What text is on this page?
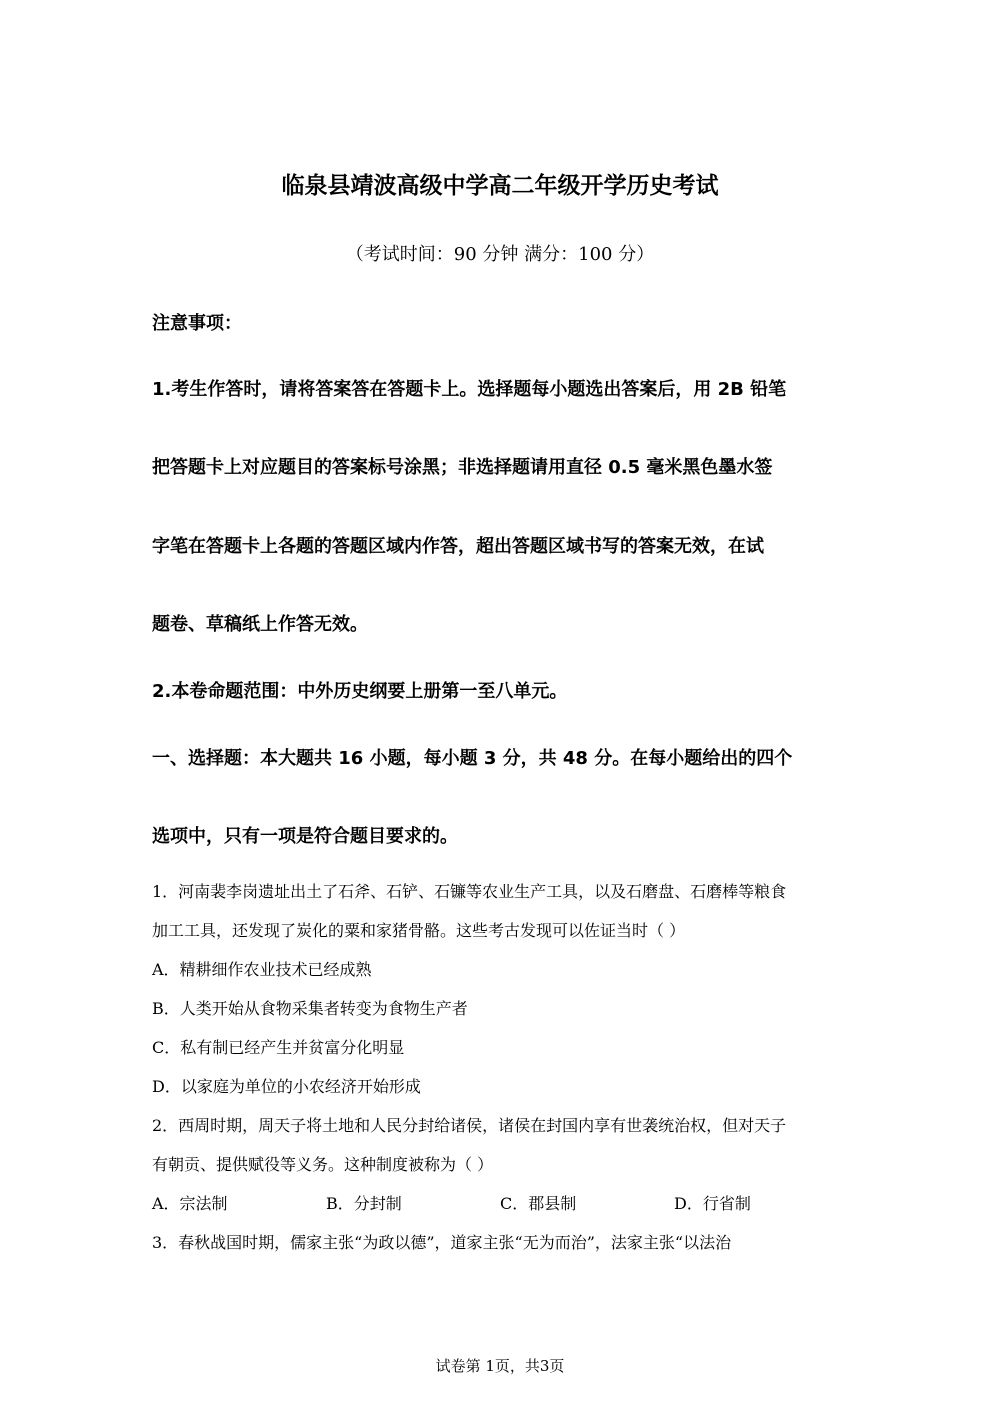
临泉县靖波高级中学高二年级开学历史考试
（考试时间：90 分钟 满分：100 分）
注意事项：
1.考生作答时，请将答案答在答题卡上。选择题每小题选出答案后，用 2B 铅笔
把答题卡上对应题目的答案标号涂黑；非选择题请用直径 0.5 毫米黑色墨水签
字笔在答题卡上各题的答题区域内作答，超出答题区域书写的答案无效，在试
题卷、草稿纸上作答无效。
2.本卷命题范围：中外历史纲要上册第一至八单元。
一、选择题：本大题共 16 小题，每小题 3 分，共 48 分。在每小题给出的四个
选项中，只有一项是符合题目要求的。
1．河南裴李岗遗址出土了石斧、石铲、石镰等农业生产工具，以及石磨盘、石磨棒等粮食
加工工具，还发现了炭化的粟和家猪骨骼。这些考古发现可以佐证当时（ ）
A．精耕细作农业技术已经成熟
B．人类开始从食物采集者转变为食物生产者
C．私有制已经产生并贫富分化明显
D．以家庭为单位的小农经济开始形成
2．西周时期，周天子将土地和人民分封给诸侯，诸侯在封国内享有世袭统治权，但对天子
有朝贡、提供赋役等义务。这种制度被称为（ ）
A．宗法制	B．分封制	C．郡县制	D．行省制
3．春秋战国时期，儒家主张“为政以德”，道家主张“无为而治”，法家主张“以法治
试卷第 1页，共3页
